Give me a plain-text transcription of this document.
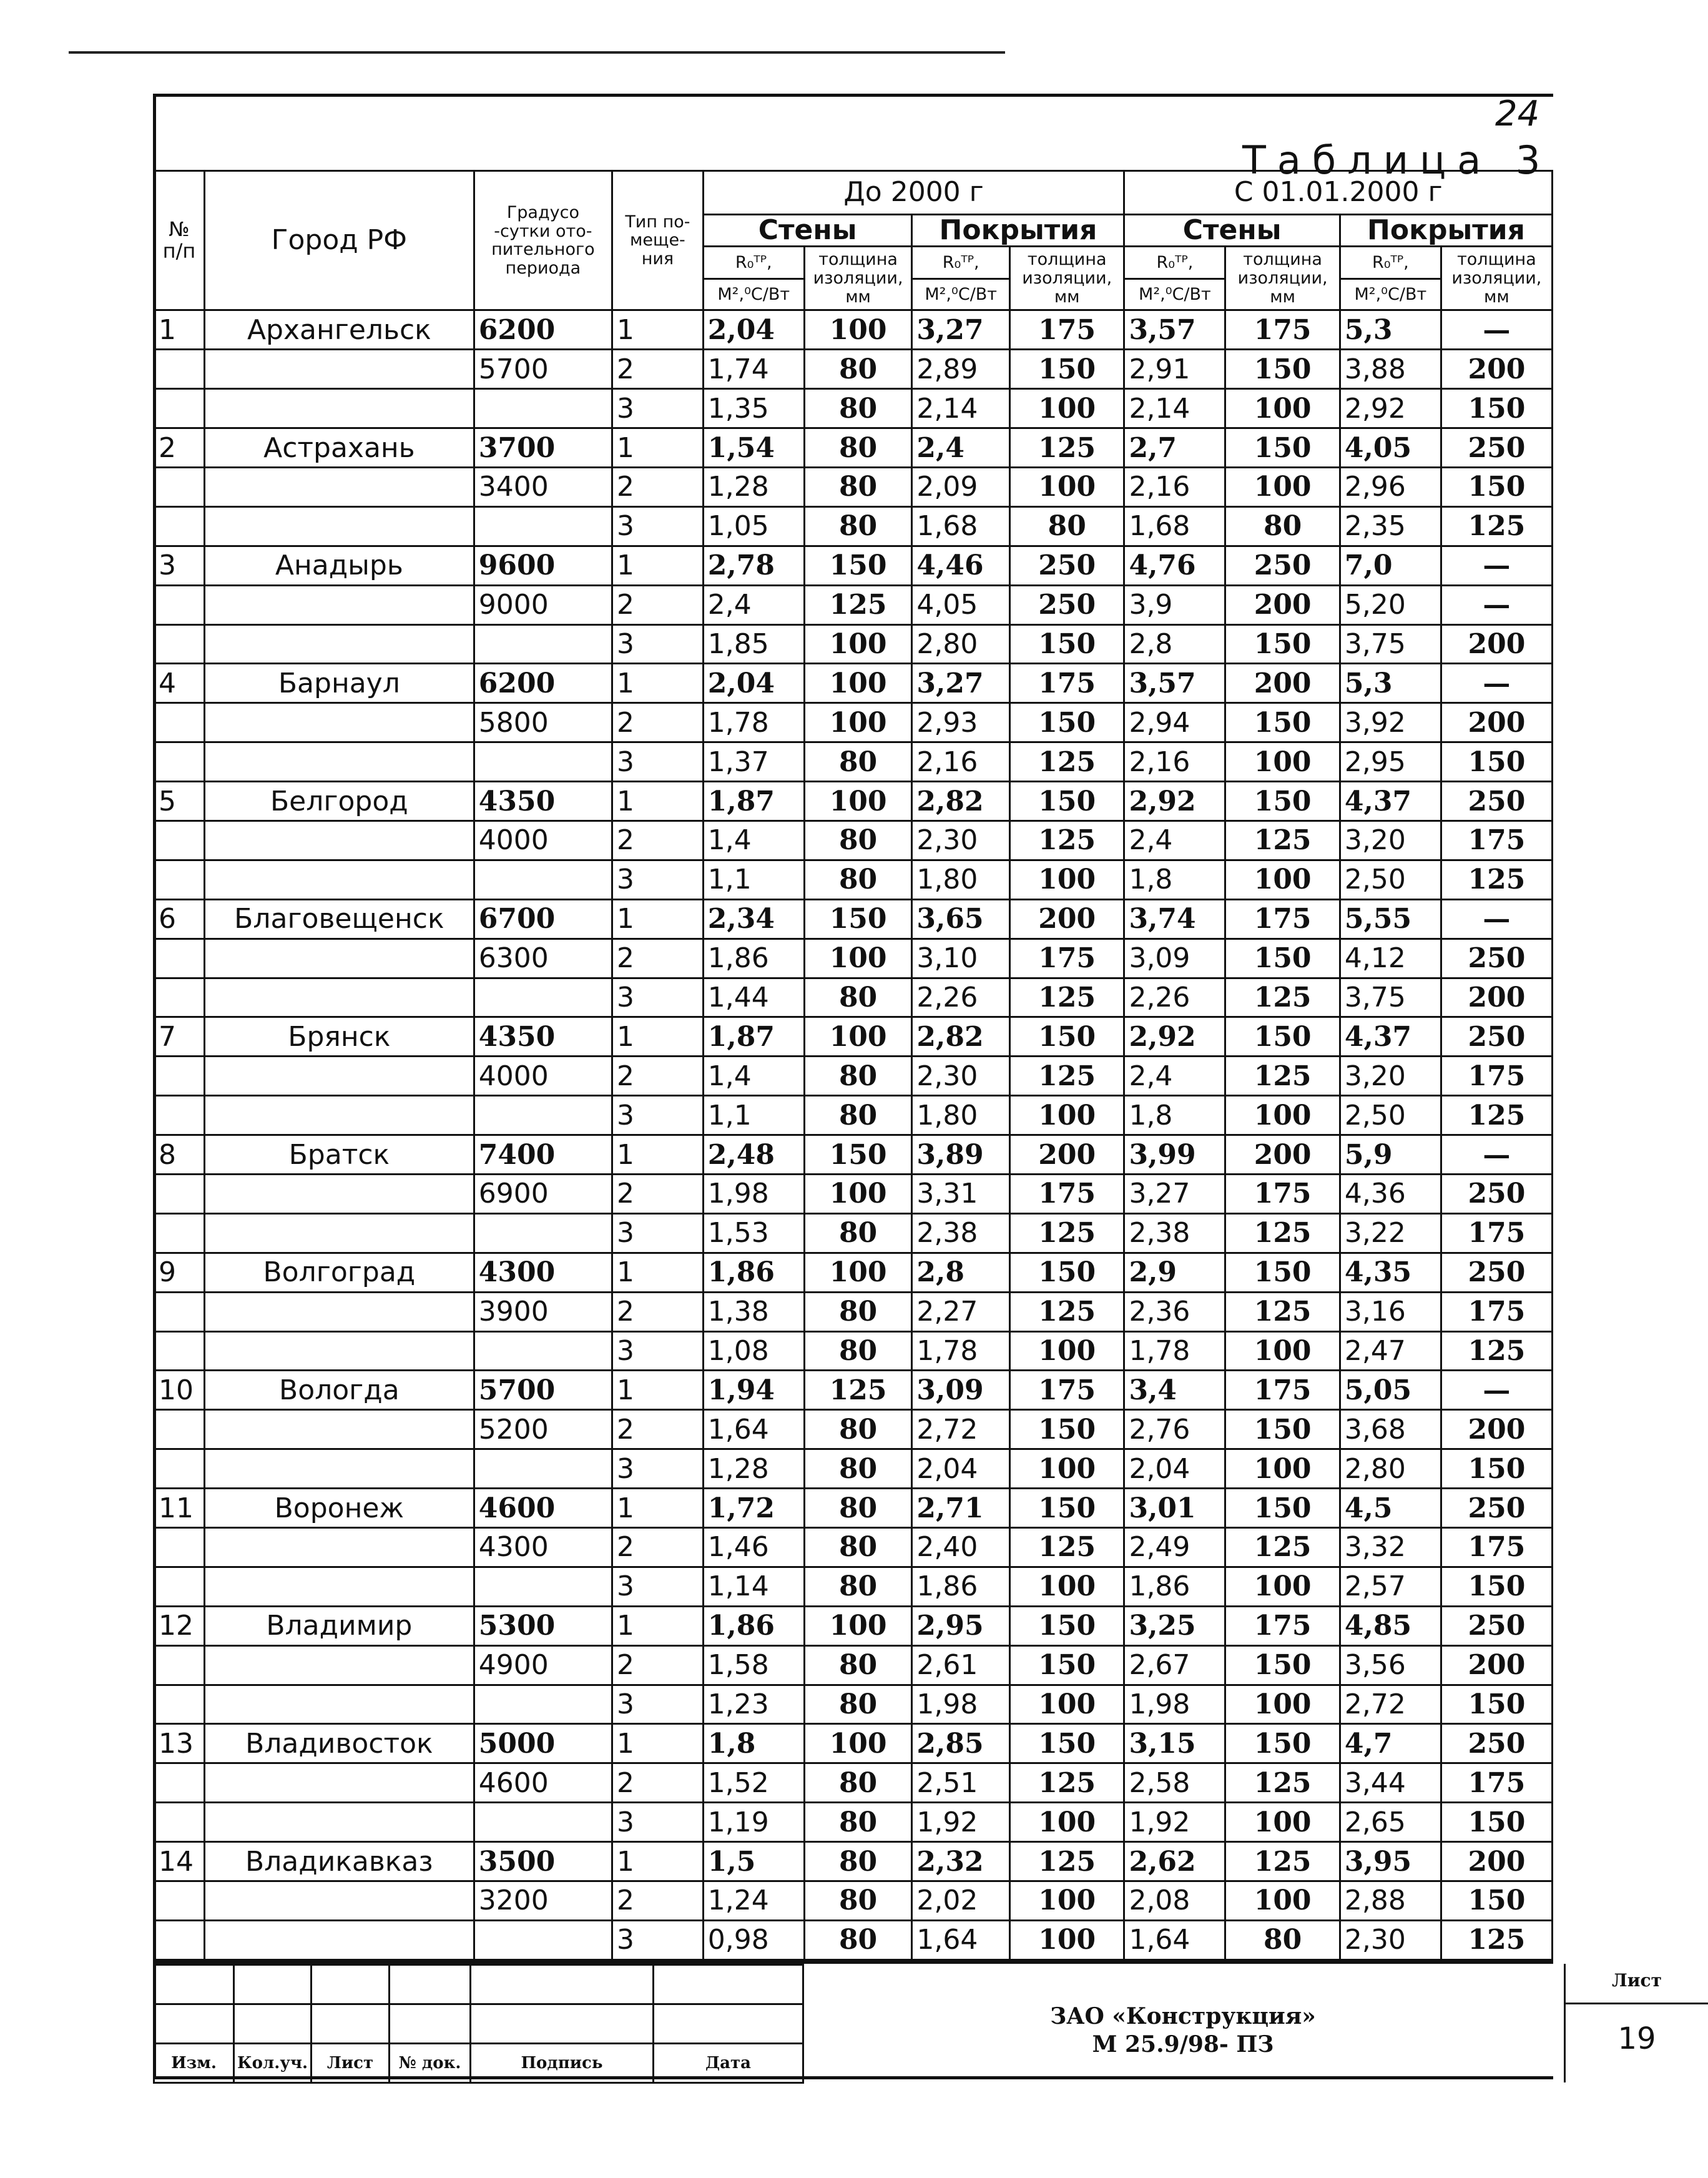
24
Таблица 3
№ п/п	Город РФ	Градусо -сутки ото- пительного периода	Тип по- меще- ния	До 2000 г				С 01.01.2000 г			
				Стены		Покрытия		Стены		Покрытия	
				R₀ᵀᴾ,	толщина изоляции, мм	R₀ᵀᴾ,	толщина изоляции, мм	R₀ᵀᴾ,	толщина изоляции, мм	R₀ᵀᴾ,	толщина изоляции, мм
				М²,⁰С/Вт		М²,⁰С/Вт		М²,⁰С/Вт		М²,⁰С/Вт	
1	Архангельск	6200	1	2,04	100	3,27	175	3,57	175	5,3	—
		5700	2	1,74	80	2,89	150	2,91	150	3,88	200
			3	1,35	80	2,14	100	2,14	100	2,92	150
2	Астрахань	3700	1	1,54	80	2,4	125	2,7	150	4,05	250
		3400	2	1,28	80	2,09	100	2,16	100	2,96	150
			3	1,05	80	1,68	80	1,68	80	2,35	125
3	Анадырь	9600	1	2,78	150	4,46	250	4,76	250	7,0	—
		9000	2	2,4	125	4,05	250	3,9	200	5,20	—
			3	1,85	100	2,80	150	2,8	150	3,75	200
4	Барнаул	6200	1	2,04	100	3,27	175	3,57	200	5,3	—
		5800	2	1,78	100	2,93	150	2,94	150	3,92	200
			3	1,37	80	2,16	125	2,16	100	2,95	150
5	Белгород	4350	1	1,87	100	2,82	150	2,92	150	4,37	250
		4000	2	1,4	80	2,30	125	2,4	125	3,20	175
			3	1,1	80	1,80	100	1,8	100	2,50	125
6	Благовещенск	6700	1	2,34	150	3,65	200	3,74	175	5,55	—
		6300	2	1,86	100	3,10	175	3,09	150	4,12	250
			3	1,44	80	2,26	125	2,26	125	3,75	200
7	Брянск	4350	1	1,87	100	2,82	150	2,92	150	4,37	250
		4000	2	1,4	80	2,30	125	2,4	125	3,20	175
			3	1,1	80	1,80	100	1,8	100	2,50	125
8	Братск	7400	1	2,48	150	3,89	200	3,99	200	5,9	—
		6900	2	1,98	100	3,31	175	3,27	175	4,36	250
			3	1,53	80	2,38	125	2,38	125	3,22	175
9	Волгоград	4300	1	1,86	100	2,8	150	2,9	150	4,35	250
		3900	2	1,38	80	2,27	125	2,36	125	3,16	175
			3	1,08	80	1,78	100	1,78	100	2,47	125
10	Вологда	5700	1	1,94	125	3,09	175	3,4	175	5,05	—
		5200	2	1,64	80	2,72	150	2,76	150	3,68	200
			3	1,28	80	2,04	100	2,04	100	2,80	150
11	Воронеж	4600	1	1,72	80	2,71	150	3,01	150	4,5	250
		4300	2	1,46	80	2,40	125	2,49	125	3,32	175
			3	1,14	80	1,86	100	1,86	100	2,57	150
12	Владимир	5300	1	1,86	100	2,95	150	3,25	175	4,85	250
		4900	2	1,58	80	2,61	150	2,67	150	3,56	200
			3	1,23	80	1,98	100	1,98	100	2,72	150
13	Владивосток	5000	1	1,8	100	2,85	150	3,15	150	4,7	250
		4600	2	1,52	80	2,51	125	2,58	125	3,44	175
			3	1,19	80	1,92	100	1,92	100	2,65	150
14	Владикавказ	3500	1	1,5	80	2,32	125	2,62	125	3,95	200
		3200	2	1,24	80	2,02	100	2,08	100	2,88	150
			3	0,98	80	1,64	100	1,64	80	2,30	125

Изм.	Кол.уч.	Лист	№ док.	Подпись	Дата
ЗАО «Конструкция»
М 25.9/98- ПЗ
Лист
19
